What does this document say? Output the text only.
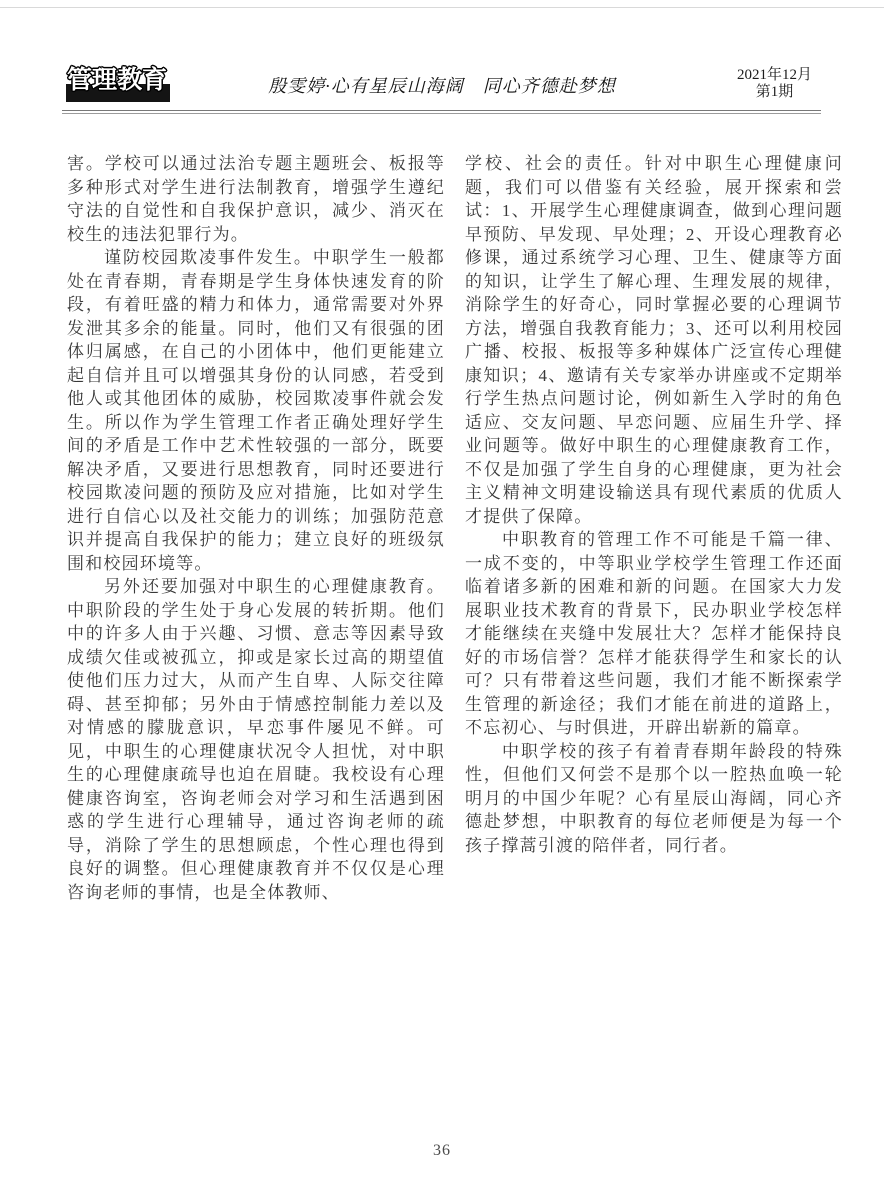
管理教育	殷雯婷·心有星辰山海阔　同心齐德赴梦想
2021年12月
第1期

害。学校可以通过法治专题主题班会、板报等多种形式对学生进行法制教育，增强学生遵纪守法的自觉性和自我保护意识，减少、消灭在校生的违法犯罪行为。

谨防校园欺凌事件发生。中职学生一般都处在青春期，青春期是学生身体快速发育的阶段，有着旺盛的精力和体力，通常需要对外界发泄其多余的能量。同时，他们又有很强的团体归属感，在自己的小团体中，他们更能建立起自信并且可以增强其身份的认同感，若受到他人或其他团体的威胁，校园欺凌事件就会发生。所以作为学生管理工作者正确处理好学生间的矛盾是工作中艺术性较强的一部分，既要解决矛盾，又要进行思想教育，同时还要进行校园欺凌问题的预防及应对措施，比如对学生进行自信心以及社交能力的训练；加强防范意识并提高自我保护的能力；建立良好的班级氛围和校园环境等。

另外还要加强对中职生的心理健康教育。中职阶段的学生处于身心发展的转折期。他们中的许多人由于兴趣、习惯、意志等因素导致成绩欠佳或被孤立，抑或是家长过高的期望值使他们压力过大，从而产生自卑、人际交往障碍、甚至抑郁；另外由于情感控制能力差以及对情感的朦胧意识，早恋事件屡见不鲜。可见，中职生的心理健康状况令人担忧，对中职生的心理健康疏导也迫在眉睫。我校设有心理健康咨询室，咨询老师会对学习和生活遇到困惑的学生进行心理辅导，通过咨询老师的疏导，消除了学生的思想顾虑，个性心理也得到良好的调整。但心理健康教育并不仅仅是心理咨询老师的事情，也是全体教师、

学校、社会的责任。针对中职生心理健康问题，我们可以借鉴有关经验，展开探索和尝试：1、开展学生心理健康调查，做到心理问题早预防、早发现、早处理；2、开设心理教育必修课，通过系统学习心理、卫生、健康等方面的知识，让学生了解心理、生理发展的规律，消除学生的好奇心，同时掌握必要的心理调节方法，增强自我教育能力；3、还可以利用校园广播、校报、板报等多种媒体广泛宣传心理健康知识；4、邀请有关专家举办讲座或不定期举行学生热点问题讨论，例如新生入学时的角色适应、交友问题、早恋问题、应届生升学、择业问题等。做好中职生的心理健康教育工作，不仅是加强了学生自身的心理健康，更为社会主义精神文明建设输送具有现代素质的优质人才提供了保障。

中职教育的管理工作不可能是千篇一律、一成不变的，中等职业学校学生管理工作还面临着诸多新的困难和新的问题。在国家大力发展职业技术教育的背景下，民办职业学校怎样才能继续在夹缝中发展壮大？怎样才能保持良好的市场信誉？怎样才能获得学生和家长的认可？只有带着这些问题，我们才能不断探索学生管理的新途径；我们才能在前进的道路上，不忘初心、与时俱进，开辟出崭新的篇章。

中职学校的孩子有着青春期年龄段的特殊性，但他们又何尝不是那个以一腔热血唤一轮明月的中国少年呢？心有星辰山海阔，同心齐德赴梦想，中职教育的每位老师便是为每一个孩子撑蒿引渡的陪伴者，同行者。

36
